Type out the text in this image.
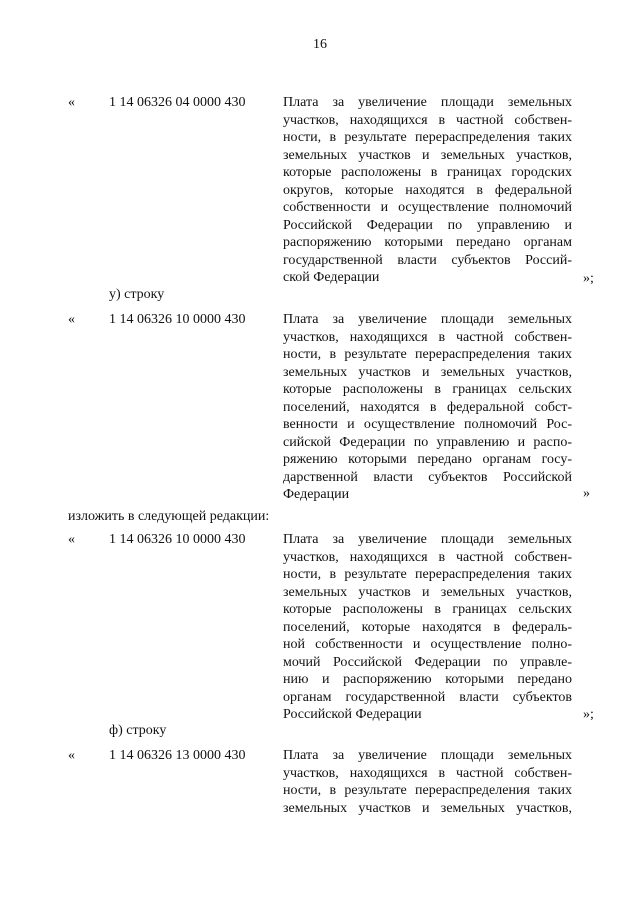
16
« 1 14 06326 04 0000 430	Плата за увеличение площади земельных
участков, находящихся в частной собствен-
ности, в результате перераспределения таких
земельных участков и земельных участков,
которые расположены в границах городских
округов, которые находятся в федеральной
собственности и осуществление полномочий
Российской Федерации по управлению и
распоряжению которыми передано органам
государственной власти субъектов Россий-
ской Федерации	»;
у) строку
« 1 14 06326 10 0000 430	Плата за увеличение площади земельных
участков, находящихся в частной собствен-
ности, в результате перераспределения таких
земельных участков и земельных участков,
которые расположены в границах сельских
поселений, находятся в федеральной собст-
венности и осуществление полномочий Рос-
сийской Федерации по управлению и распо-
ряжению которыми передано органам госу-
дарственной власти субъектов Российской
Федерации	»
изложить в следующей редакции:
« 1 14 06326 10 0000 430	Плата за увеличение площади земельных
участков, находящихся в частной собствен-
ности, в результате перераспределения таких
земельных участков и земельных участков,
которые расположены в границах сельских
поселений, которые находятся в федераль-
ной собственности и осуществление полно-
мочий Российской Федерации по управле-
нию и распоряжению которыми передано
органам государственной власти субъектов
Российской Федерации	»;
ф) строку
« 1 14 06326 13 0000 430	Плата за увеличение площади земельных
участков, находящихся в частной собствен-
ности, в результате перераспределения таких
земельных участков и земельных участков,
